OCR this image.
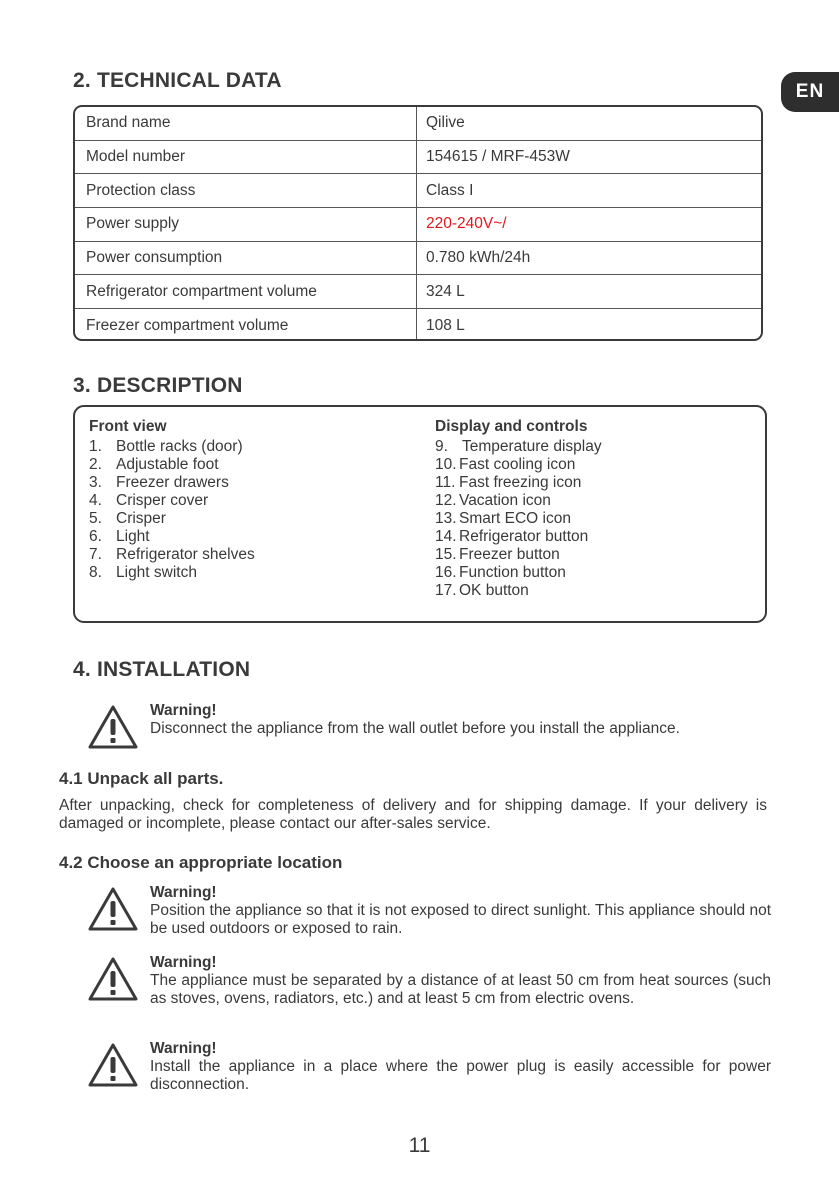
EN
2. TECHNICAL DATA
Brand name	Qilive
Model number	154615 / MRF-453W
Protection class	Class I
Power supply	220-240V~/
Power consumption	0.780 kWh/24h
Refrigerator compartment volume	324 L
Freezer compartment volume	108 L
3. DESCRIPTION
Front view
1. Bottle racks (door)
2. Adjustable foot
3. Freezer drawers
4. Crisper cover
5. Crisper
6. Light
7. Refrigerator shelves
8. Light switch
Display and controls
9. Temperature display
10. Fast cooling icon
11. Fast freezing icon
12. Vacation icon
13. Smart ECO icon
14. Refrigerator button
15. Freezer button
16. Function button
17. OK button
4. INSTALLATION
Warning!
Disconnect the appliance from the wall outlet before you install the appliance.
4.1 Unpack all parts.

After unpacking, check for completeness of delivery and for shipping damage. If your delivery is damaged or incomplete, please contact our after-sales service.

4.2 Choose an appropriate location
Warning!
Position the appliance so that it is not exposed to direct sunlight. This appliance should not be used outdoors or exposed to rain.
Warning!
The appliance must be separated by a distance of at least 50 cm from heat sources (such as stoves, ovens, radiators, etc.) and at least 5 cm from electric ovens.
Warning!
Install the appliance in a place where the power plug is easily accessible for power disconnection.
11
